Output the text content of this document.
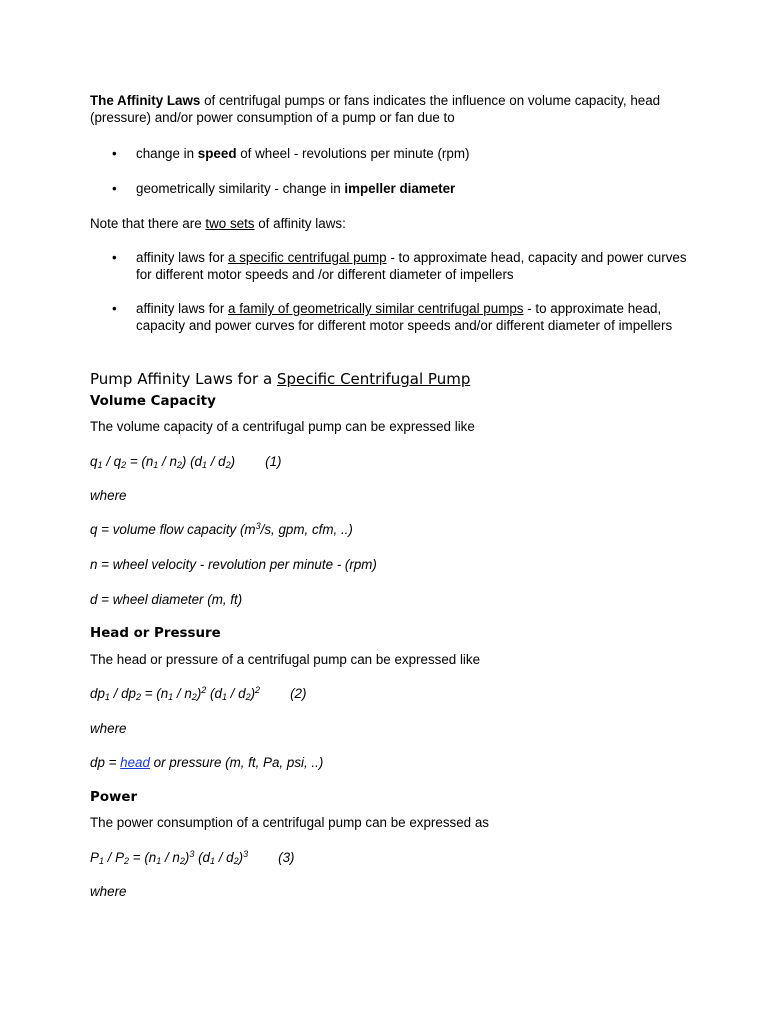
The Affinity Laws of centrifugal pumps or fans indicates the influence on volume capacity, head (pressure) and/or power consumption of a pump or fan due to

• change in speed of wheel - revolutions per minute (rpm)

• geometrically similarity - change in impeller diameter

Note that there are two sets of affinity laws:

• affinity laws for a specific centrifugal pump - to approximate head, capacity and power curves for different motor speeds and /or different diameter of impellers

• affinity laws for a family of geometrically similar centrifugal pumps - to approximate head, capacity and power curves for different motor speeds and/or different diameter of impellers

Pump Affinity Laws for a Specific Centrifugal Pump
Volume Capacity

The volume capacity of a centrifugal pump can be expressed like

$q_1 / q_2 = (n_1 / n_2)$ $(d_1 / d_2)$ (1)

where

q = volume flow capacity ($m^3/s$, gpm, cfm, ..)

n = wheel velocity - revolution per minute - (rpm)

d = wheel diameter (m, ft)

Head or Pressure

The head or pressure of a centrifugal pump can be expressed like

$dp_1 / dp_2 = (n_1 / n_2)^2$ $(d_1 / d_2)^2$ (2)

where

dp = head or pressure (m, ft, Pa, psi, ..)

Power

The power consumption of a centrifugal pump can be expressed as

$P_1 / P_2 = (n_1 / n_2)^3$ $(d_1 / d_2)^3$ (3)

where
